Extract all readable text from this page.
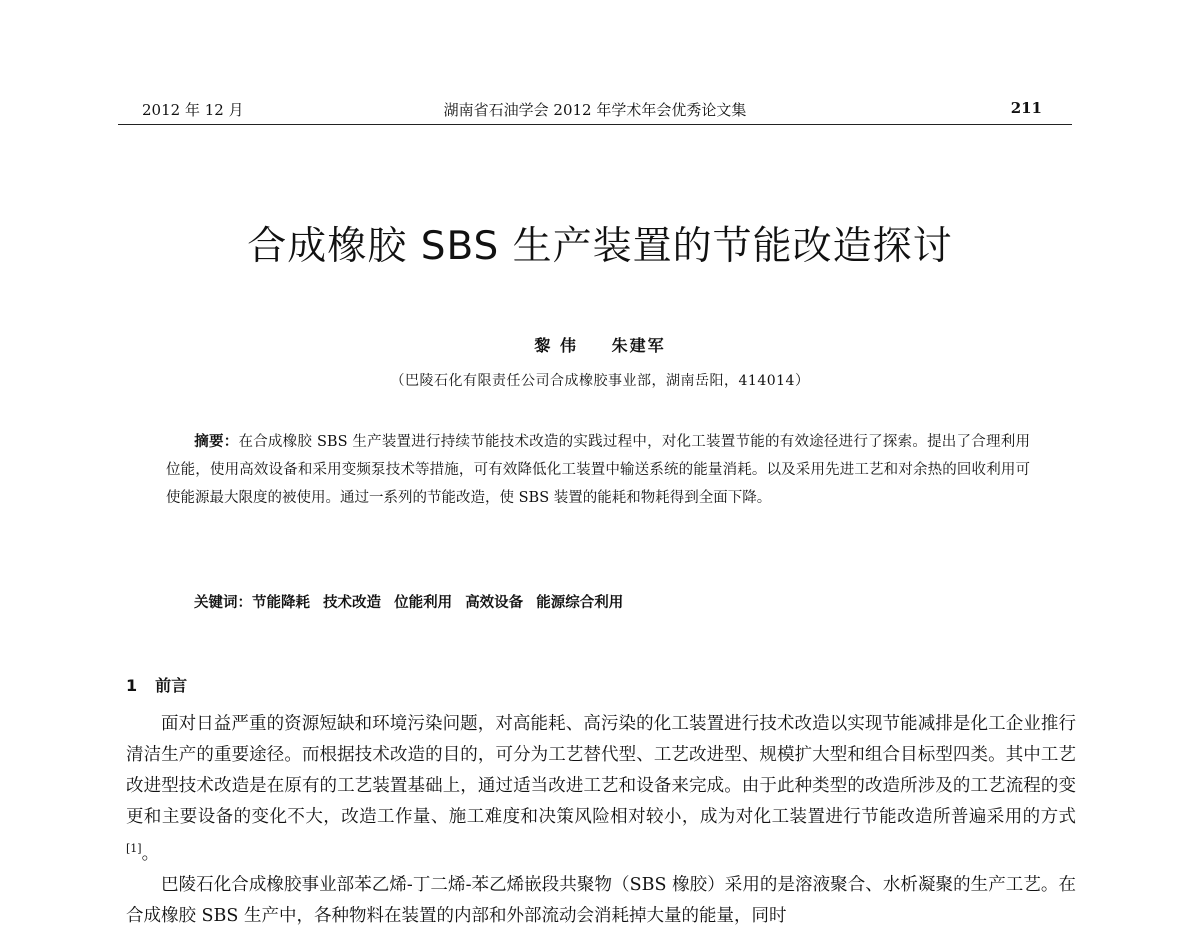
2012 年 12 月	湖南省石油学会 2012 年学术年会优秀论文集	211
合成橡胶 SBS 生产装置的节能改造探讨
黎 伟 朱建军
（巴陵石化有限责任公司合成橡胶事业部，湖南岳阳，414014）
摘要：在合成橡胶 SBS 生产装置进行持续节能技术改造的实践过程中，对化工装置节能的有效途径进行了探索。提出了合理利用位能，使用高效设备和采用变频泵技术等措施，可有效降低化工装置中输送系统的能量消耗。以及采用先进工艺和对余热的回收利用可使能源最大限度的被使用。通过一系列的节能改造，使 SBS 装置的能耗和物耗得到全面下降。
关键词：节能降耗 技术改造 位能利用 高效设备 能源综合利用
1 前言

面对日益严重的资源短缺和环境污染问题，对高能耗、高污染的化工装置进行技术改造以实现节能减排是化工企业推行清洁生产的重要途径。而根据技术改造的目的，可分为工艺替代型、工艺改进型、规模扩大型和组合目标型四类。其中工艺改进型技术改造是在原有的工艺装置基础上，通过适当改进工艺和设备来完成。由于此种类型的改造所涉及的工艺流程的变更和主要设备的变化不大，改造工作量、施工难度和决策风险相对较小，成为对化工装置进行节能改造所普遍采用的方式[1]。

巴陵石化合成橡胶事业部苯乙烯-丁二烯-苯乙烯嵌段共聚物（SBS 橡胶）采用的是溶液聚合、水析凝聚的生产工艺。在合成橡胶 SBS 生产中，各种物料在装置的内部和外部流动会消耗掉大量的能量，同时
